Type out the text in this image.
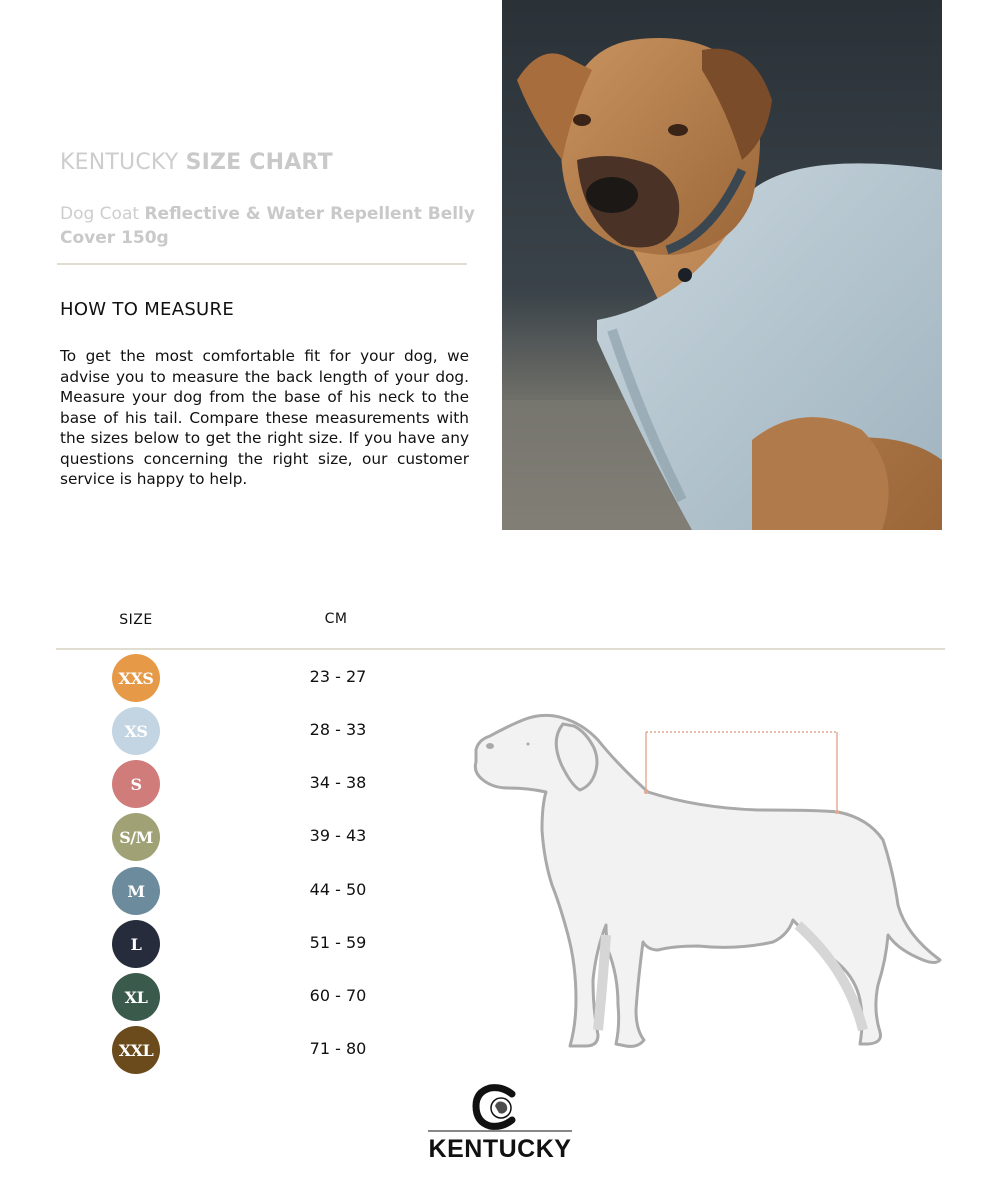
KENTUCKY SIZE CHART
Dog Coat Reflective & Water Repellent Belly Cover 150g
HOW TO MEASURE
To get the most comfortable fit for your dog, we advise you to measure the back length of your dog. Measure your dog from the base of his neck to the base of his tail. Compare these measurements with the sizes below to get the right size. If you have any questions concerning the right size, our customer service is happy to help.
SIZE	CM
XXS	23 - 27
XS	28 - 33
S	34 - 38
S/M	39 - 43
M	44 - 50
L	51 - 59
XL	60 - 70
XXL	71 - 80
KENTUCKY
